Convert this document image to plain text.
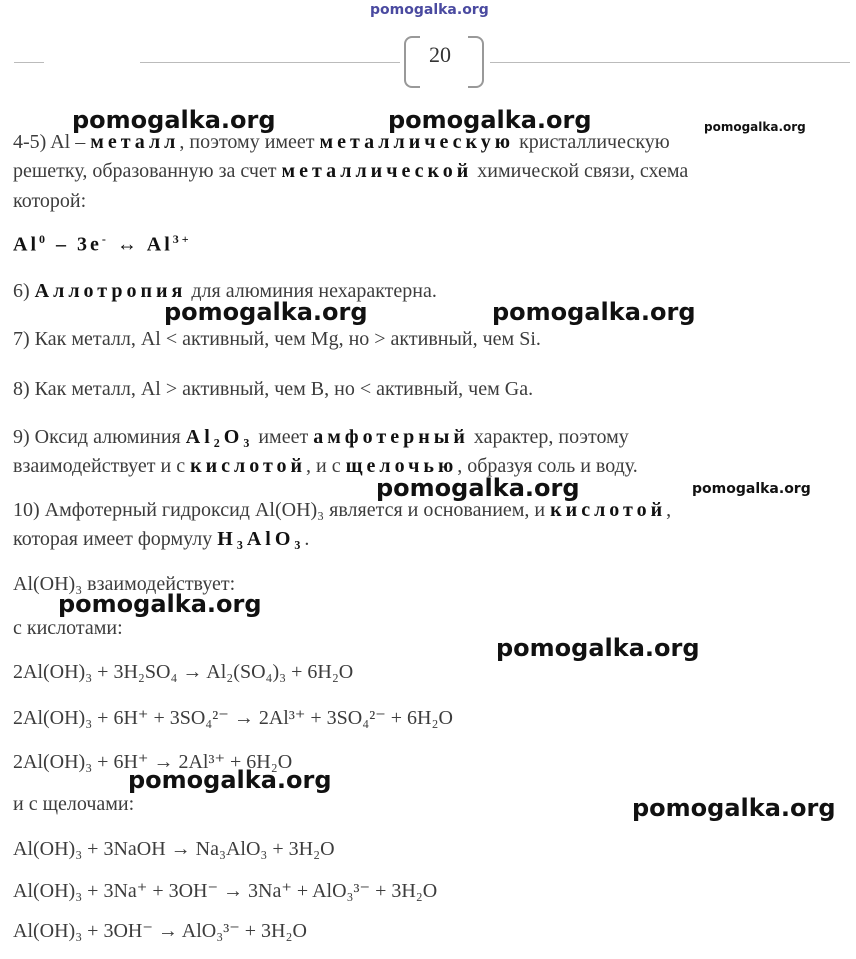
pomogalka.org
20
4-5) Al – металл, поэтому имеет металлическую кристаллическую
решетку, образованную за счет металлической химической связи, схема
которой:
Al$^0$ – 3e- ↔ $Al^{3+}$
6) Аллотропия для алюминия нехарактерна.
7) Как металл, Al < активный, чем Mg, но > активный, чем Si.
8) Как металл, Al > активный, чем B, но < активный, чем Ga.
9) Оксид алюминия Al₂O₃ имеет амфотерный характер, поэтому
взаимодействует и с кислотой, и с щелочью, образуя соль и воду.
10) Амфотерный гидроксид Al(OH)₃ является и основанием, и кислотой,
которая имеет формулу H₃AlO₃.
Al(OH)₃ взаимодействует:
с кислотами:
2Al(OH)₃ + 3H₂SO₄ → Al₂(SO₄)₃ + 6H₂O
2Al(OH)₃ + 6H⁺ + 3SO₄²⁻ → 2Al³⁺ + 3SO₄²⁻ + 6H₂O
2Al(OH)₃ + 6H⁺ → 2Al³⁺ + 6H₂O
и с щелочами:
Al(OH)₃ + 3NaOH → Na₃AlO₃ + 3H₂O
Al(OH)₃ + 3Na⁺ + 3OH⁻ → 3Na⁺ + AlO₃³⁻ + 3H₂O
Al(OH)₃ + 3OH⁻ → AlO₃³⁻ + 3H₂O
pomogalka.org	pomogalka.org	pomogalka.org
pomogalka.org	pomogalka.org
pomogalka.org	pomogalka.org
pomogalka.org
pomogalka.org
pomogalka.org
pomogalka.org
